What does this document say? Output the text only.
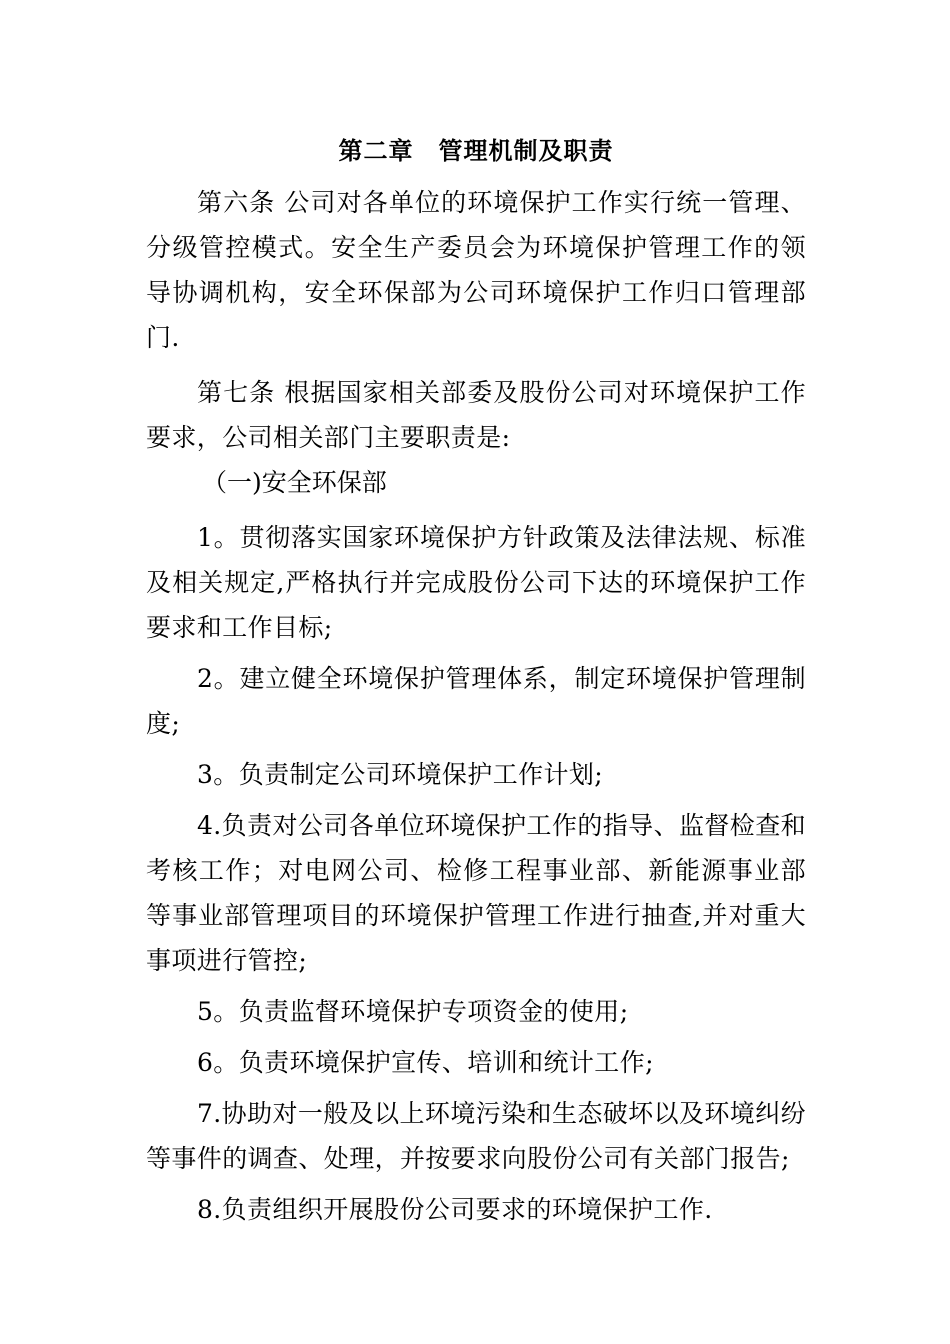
第二章　管理机制及职责

第六条 公司对各单位的环境保护工作实行统一管理、分级管控模式。安全生产委员会为环境保护管理工作的领导协调机构，安全环保部为公司环境保护工作归口管理部门.

第七条 根据国家相关部委及股份公司对环境保护工作要求，公司相关部门主要职责是:

（一)安全环保部

1。贯彻落实国家环境保护方针政策及法律法规、标准及相关规定,严格执行并完成股份公司下达的环境保护工作要求和工作目标;

2。建立健全环境保护管理体系，制定环境保护管理制度;

3。负责制定公司环境保护工作计划;

4.负责对公司各单位环境保护工作的指导、监督检查和考核工作；对电网公司、检修工程事业部、新能源事业部等事业部管理项目的环境保护管理工作进行抽查,并对重大事项进行管控;

5。负责监督环境保护专项资金的使用;

6。负责环境保护宣传、培训和统计工作;

7.协助对一般及以上环境污染和生态破坏以及环境纠纷等事件的调查、处理，并按要求向股份公司有关部门报告;

8.负责组织开展股份公司要求的环境保护工作.
